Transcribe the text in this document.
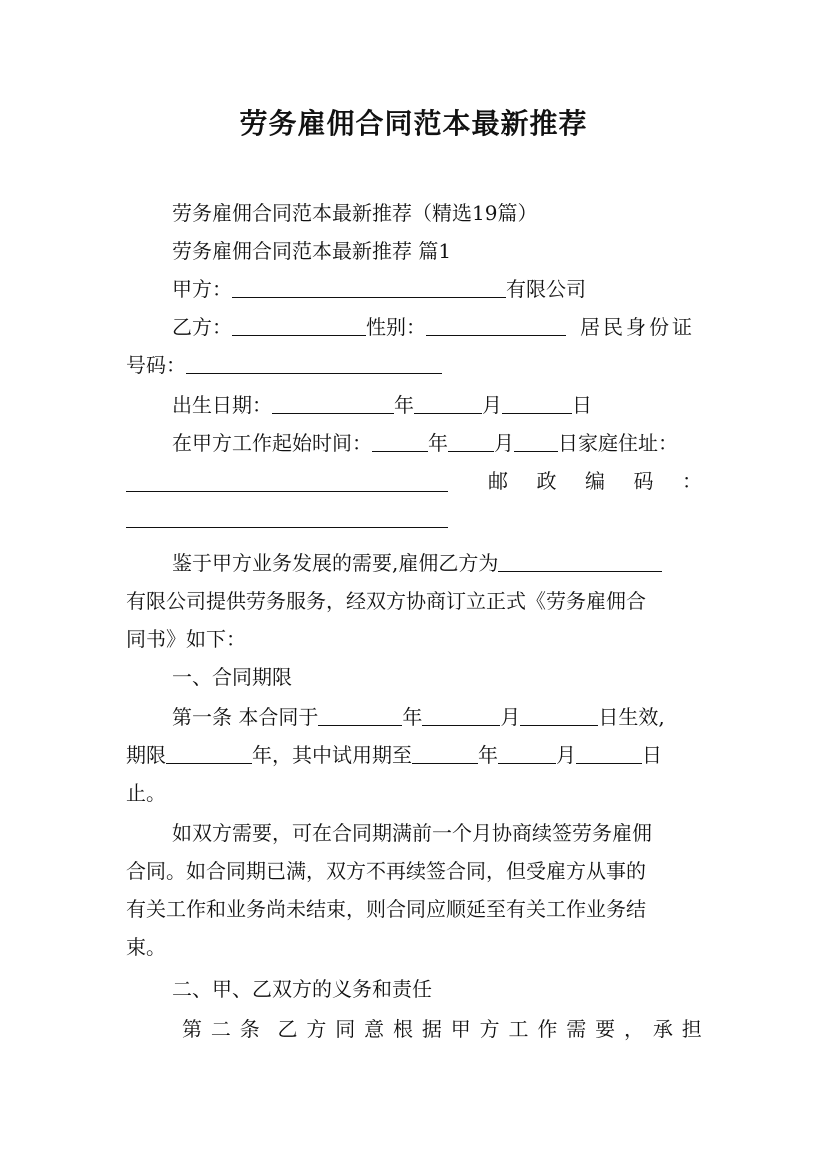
劳务雇佣合同范本最新推荐
劳务雇佣合同范本最新推荐（精选19篇）
劳务雇佣合同范本最新推荐 篇1
甲方：	有限公司
乙方：	性别：	居民身份证
号码：
出生日期：	年	月	日
在甲方工作起始时间：	年 月 日家庭住址：
邮 政 编 码 ：
鉴于甲方业务发展的需要,雇佣乙方为
有限公司提供劳务服务，经双方协商订立正式《劳务雇佣合
同书》如下：
一、合同期限
第一条 本合同于	年	月	日生效,
期限	年，其中试用期至	年	月	日
止。
如双方需要，可在合同期满前一个月协商续签劳务雇佣
合同。如合同期已满，双方不再续签合同，但受雇方从事的
有关工作和业务尚未结束，则合同应顺延至有关工作业务结
束。
二、甲、乙双方的义务和责任
第 二 条 乙 方 同 意 根 据 甲 方 工 作 需 要 ， 承 担
